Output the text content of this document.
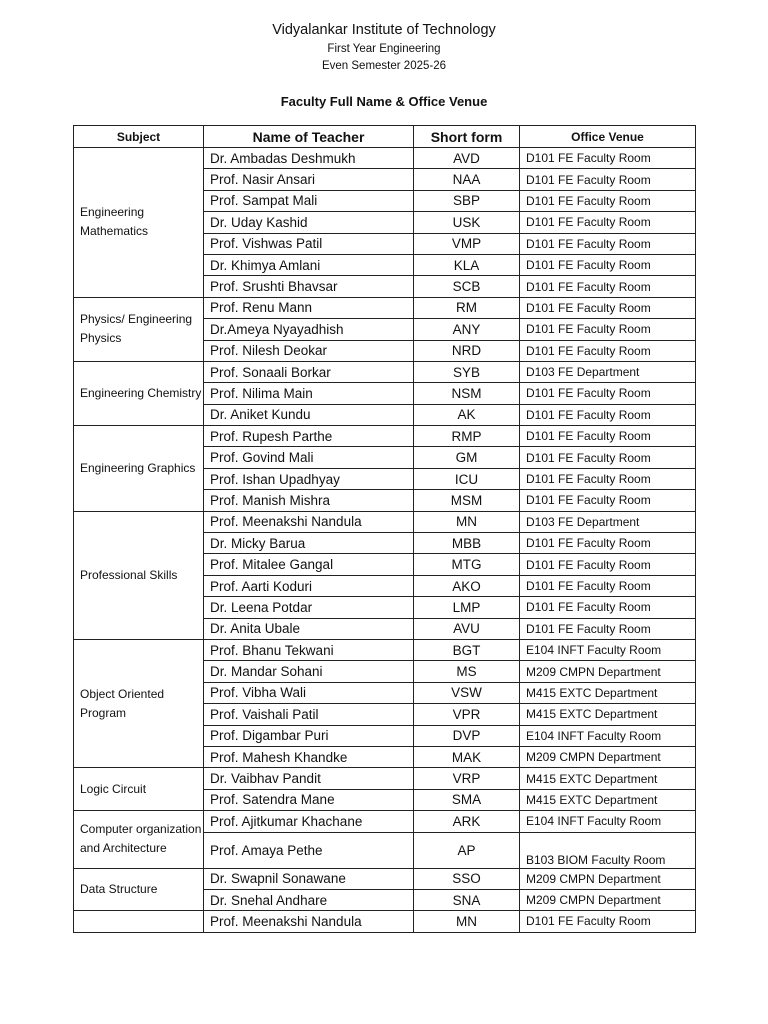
Vidyalankar Institute of Technology
First Year Engineering
Even Semester 2025-26
Faculty Full Name & Office Venue
Subject	Name of Teacher	Short form	Office Venue
Engineering Mathematics	Dr. Ambadas Deshmukh	AVD	D101 FE Faculty Room
	Prof. Nasir Ansari	NAA	D101 FE Faculty Room
	Prof. Sampat Mali	SBP	D101 FE Faculty Room
	Dr. Uday Kashid	USK	D101 FE Faculty Room
	Prof. Vishwas Patil	VMP	D101 FE Faculty Room
	Dr. Khimya Amlani	KLA	D101 FE Faculty Room
	Prof. Srushti Bhavsar	SCB	D101 FE Faculty Room
Physics/ Engineering Physics	Prof. Renu Mann	RM	D101 FE Faculty Room
	Dr.Ameya Nyayadhish	ANY	D101 FE Faculty Room
	Prof. Nilesh Deokar	NRD	D101 FE Faculty Room
Engineering Chemistry	Prof. Sonaali Borkar	SYB	D103 FE Department
	Prof. Nilima Main	NSM	D101 FE Faculty Room
	Dr. Aniket Kundu	AK	D101 FE Faculty Room
Engineering Graphics	Prof. Rupesh Parthe	RMP	D101 FE Faculty Room
	Prof. Govind Mali	GM	D101 FE Faculty Room
	Prof. Ishan Upadhyay	ICU	D101 FE Faculty Room
	Prof. Manish Mishra	MSM	D101 FE Faculty Room
Professional Skills	Prof. Meenakshi Nandula	MN	D103 FE Department
	Dr. Micky Barua	MBB	D101 FE Faculty Room
	Prof. Mitalee Gangal	MTG	D101 FE Faculty Room
	Prof. Aarti Koduri	AKO	D101 FE Faculty Room
	Dr. Leena Potdar	LMP	D101 FE Faculty Room
	Dr. Anita Ubale	AVU	D101 FE Faculty Room
Object Oriented Program	Prof. Bhanu Tekwani	BGT	E104 INFT Faculty Room
	Dr. Mandar Sohani	MS	M209 CMPN Department
	Prof. Vibha Wali	VSW	M415 EXTC Department
	Prof. Vaishali Patil	VPR	M415 EXTC Department
	Prof. Digambar Puri	DVP	E104 INFT Faculty Room
	Prof. Mahesh Khandke	MAK	M209 CMPN Department
Logic Circuit	Dr. Vaibhav Pandit	VRP	M415 EXTC Department
	Prof. Satendra Mane	SMA	M415 EXTC Department
Computer organization and Architecture	Prof. Ajitkumar Khachane	ARK	E104 INFT Faculty Room
	Prof. Amaya Pethe	AP	B103 BIOM Faculty Room
Data Structure	Dr. Swapnil Sonawane	SSO	M209 CMPN Department
	Dr. Snehal Andhare	SNA	M209 CMPN Department
	Prof. Meenakshi Nandula	MN	D101 FE Faculty Room
